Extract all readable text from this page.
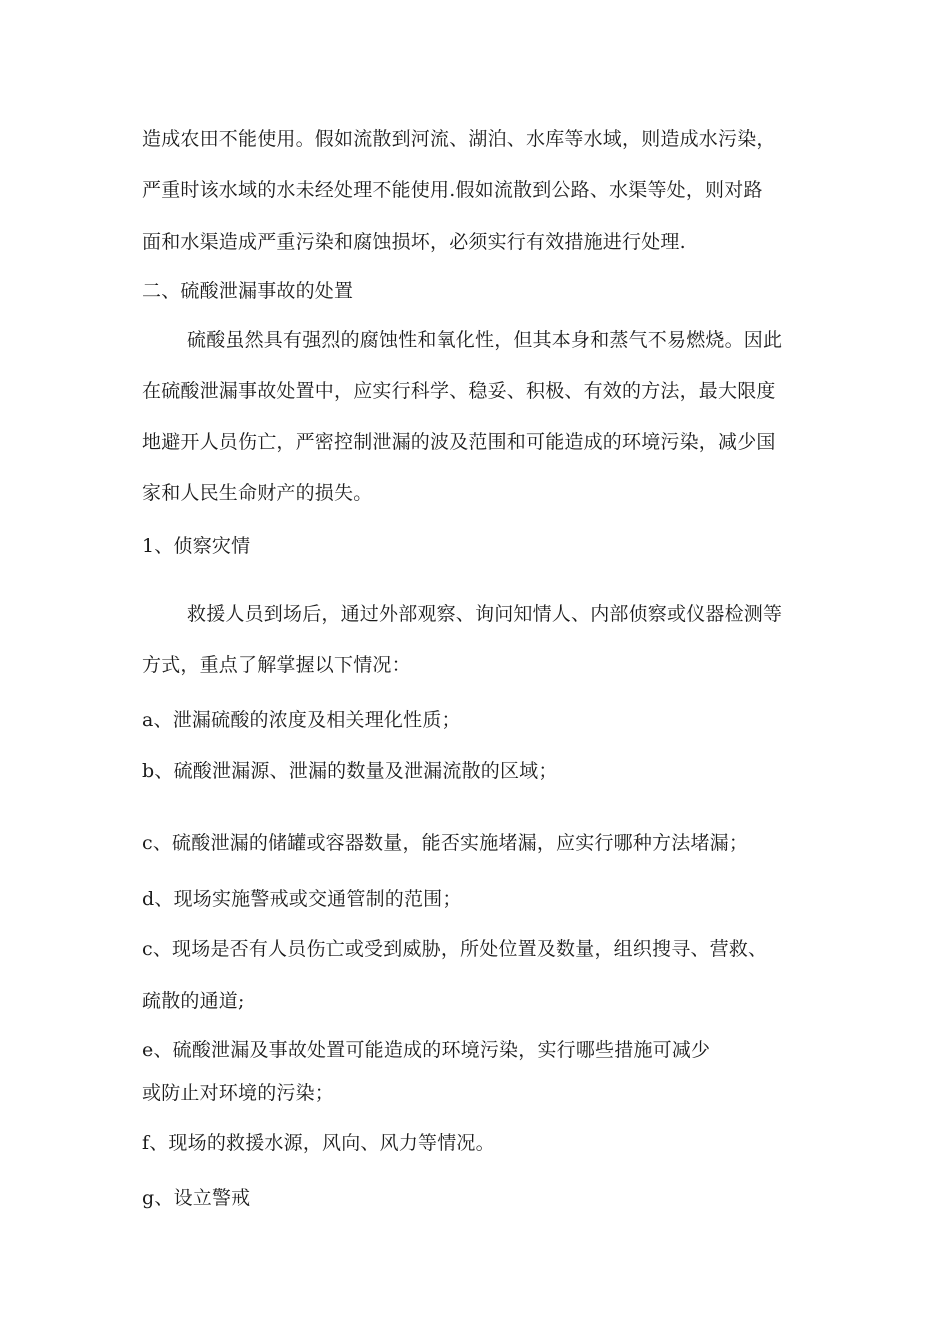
造成农田不能使用。假如流散到河流、湖泊、水库等水域，则造成水污染，
严重时该水域的水未经处理不能使用.假如流散到公路、水渠等处，则对路
面和水渠造成严重污染和腐蚀损坏，必须实行有效措施进行处理.
二、硫酸泄漏事故的处置
硫酸虽然具有强烈的腐蚀性和氧化性，但其本身和蒸气不易燃烧。因此
在硫酸泄漏事故处置中，应实行科学、稳妥、积极、有效的方法，最大限度
地避开人员伤亡，严密控制泄漏的波及范围和可能造成的环境污染，减少国
家和人民生命财产的损失。
1、侦察灾情
救援人员到场后，通过外部观察、询问知情人、内部侦察或仪器检测等
方式，重点了解掌握以下情况：
a、泄漏硫酸的浓度及相关理化性质；
b、硫酸泄漏源、泄漏的数量及泄漏流散的区域；
c、硫酸泄漏的储罐或容器数量，能否实施堵漏，应实行哪种方法堵漏；
d、现场实施警戒或交通管制的范围；
c、现场是否有人员伤亡或受到威胁，所处位置及数量，组织搜寻、营救、
疏散的通道;
e、硫酸泄漏及事故处置可能造成的环境污染，实行哪些措施可减少
或防止对环境的污染；
f、现场的救援水源，风向、风力等情况。
g、设立警戒
